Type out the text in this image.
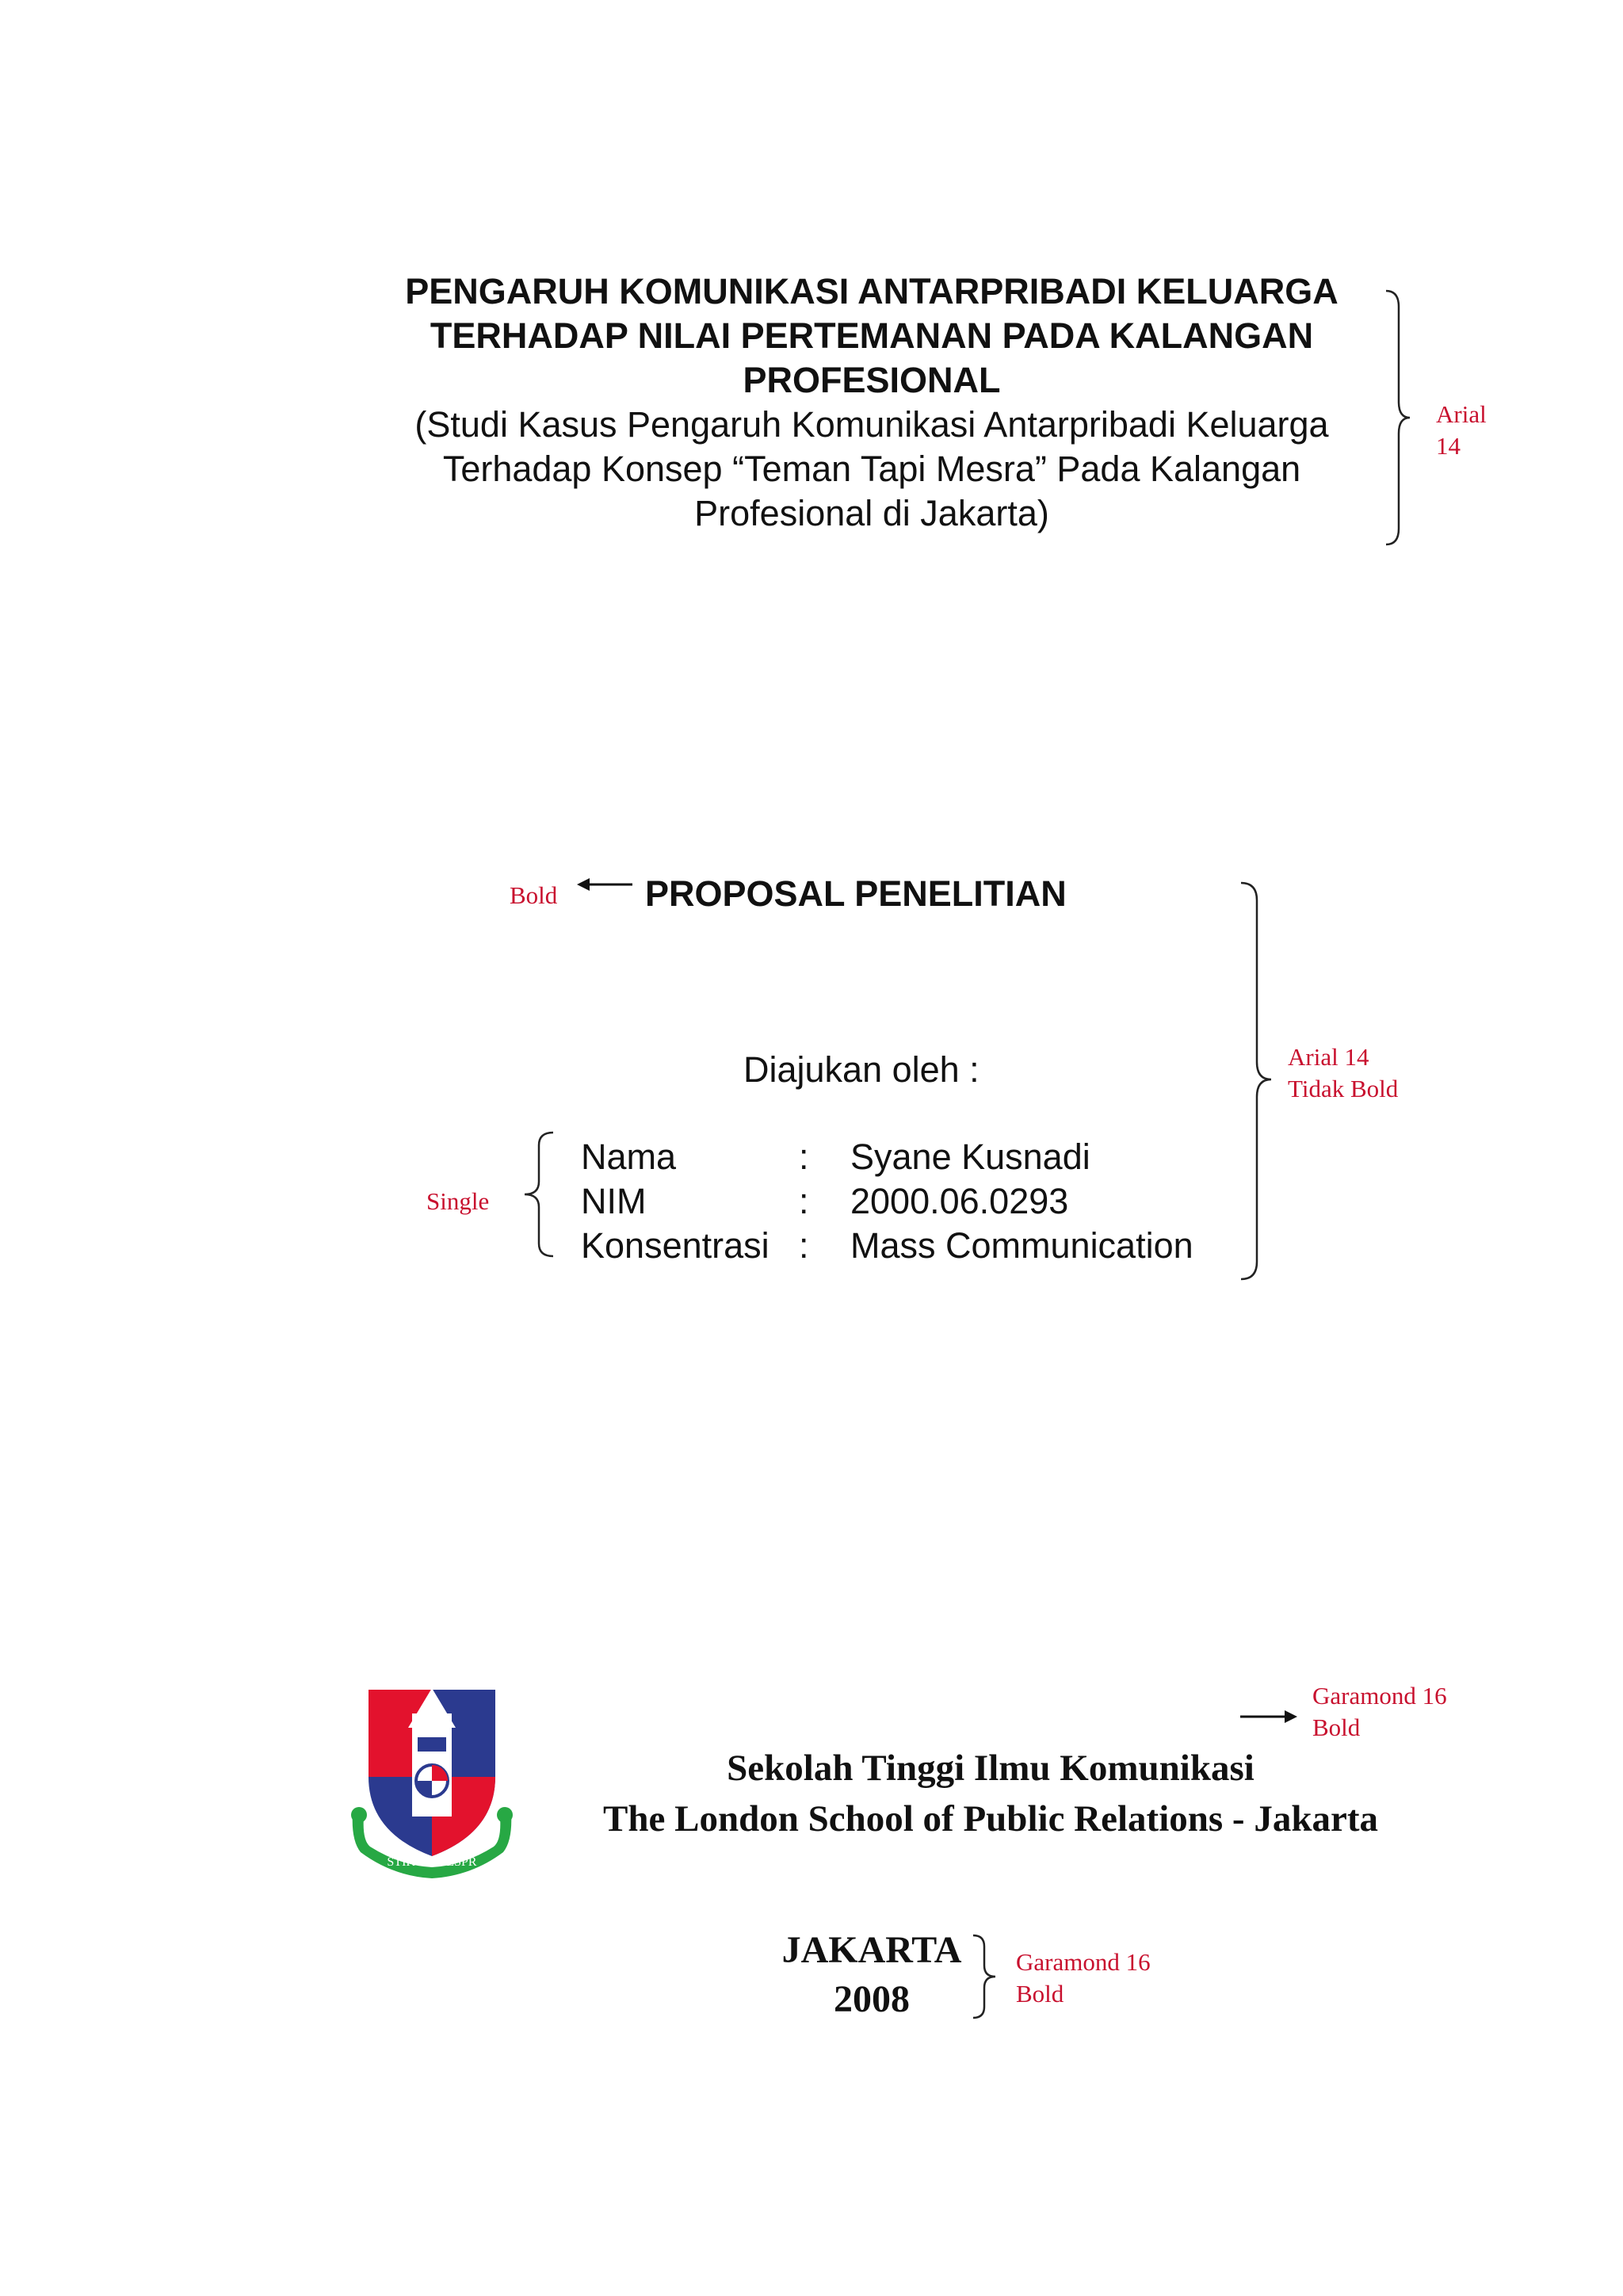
PENGARUH KOMUNIKASI ANTARPRIBADI KELUARGA
TERHADAP NILAI PERTEMANAN PADA KALANGAN
PROFESIONAL
(Studi Kasus Pengaruh Komunikasi Antarpribadi Keluarga
Terhadap Konsep “Teman Tapi Mesra” Pada Kalangan
Profesional di Jakarta)
Arial
14
Bold PROPOSAL PENELITIAN
Diajukan oleh :
Single
Nama	: Syane Kusnadi
NIM	: 2000.06.0293
Konsentrasi : Mass Communication
Arial 14
Tidak Bold
Garamond 16
Bold
STIKOM • LSPR
Sekolah Tinggi Ilmu Komunikasi
The London School of Public Relations - Jakarta
JAKARTA
2008
Garamond 16
Bold
